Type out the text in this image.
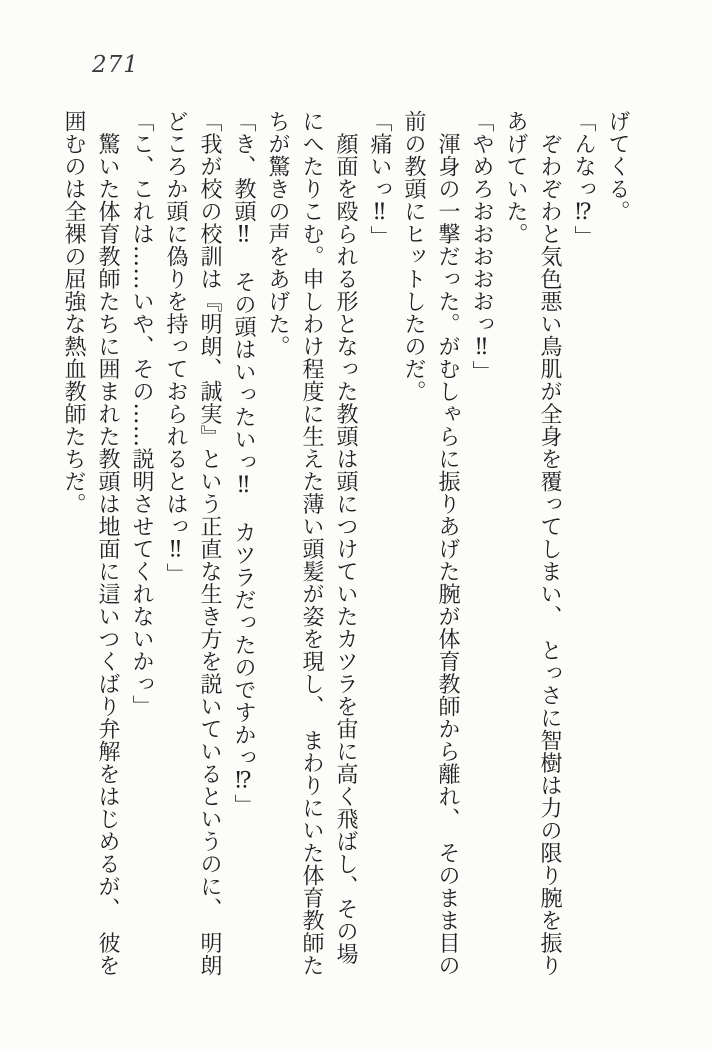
271

げてくる。

「んなっ⁉」

　ぞわぞわと気色悪い鳥肌が全身を覆ってしまい、　とっさに智樹は力の限り腕を振り

あげていた。

「やめろおおおおおっ‼」

　渾身の一撃だった。がむしゃらに振りあげた腕が体育教師から離れ、　そのまま目の

前の教頭にヒットしたのだ。

「痛いっ‼」

　顔面を殴られる形となった教頭は頭につけていたカツラを宙に高く飛ばし、その場

にへたりこむ。申しわけ程度に生えた薄い頭髪が姿を現し、　まわりにいた体育教師た

ちが驚きの声をあげた。

「き、教頭‼　その頭はいったいっ‼　カツラだったのですかっ⁉」

「我が校の校訓は『明朗、誠実』という正直な生き方を説いているというのに、　明朗

どころか頭に偽りを持っておられるとはっ‼」

「こ、これは……いや、その……説明させてくれないかっ」

　驚いた体育教師たちに囲まれた教頭は地面に這いつくばり弁解をはじめるが、　彼を

囲むのは全裸の屈強な熱血教師たちだ。
